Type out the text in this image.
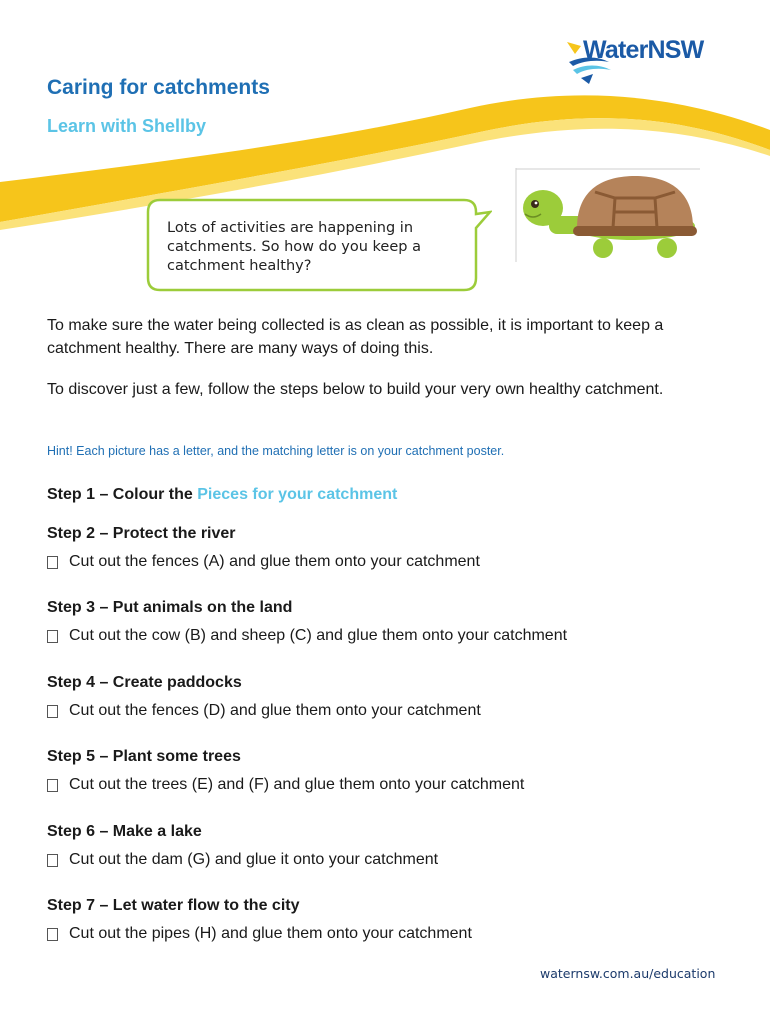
WaterNSW
Caring for catchments
Learn with Shellby
Lots of activities are happening in catchments. So how do you keep a catchment healthy?
To make sure the water being collected is as clean as possible, it is important to keep a catchment healthy. There are many ways of doing this.
To discover just a few, follow the steps below to build your very own healthy catchment.
Hint! Each picture has a letter, and the matching letter is on your catchment poster.
Step 1 – Colour the Pieces for your catchment
Step 2 – Protect the river
Cut out the fences (A) and glue them onto your catchment
Step 3 – Put animals on the land
Cut out the cow (B) and sheep (C) and glue them onto your catchment
Step 4 – Create paddocks
Cut out the fences (D) and glue them onto your catchment
Step 5 – Plant some trees
Cut out the trees (E) and (F) and glue them onto your catchment
Step 6 – Make a lake
Cut out the dam (G) and glue it onto your catchment
Step 7 – Let water flow to the city
Cut out the pipes (H) and glue them onto your catchment
waternsw.com.au/education
